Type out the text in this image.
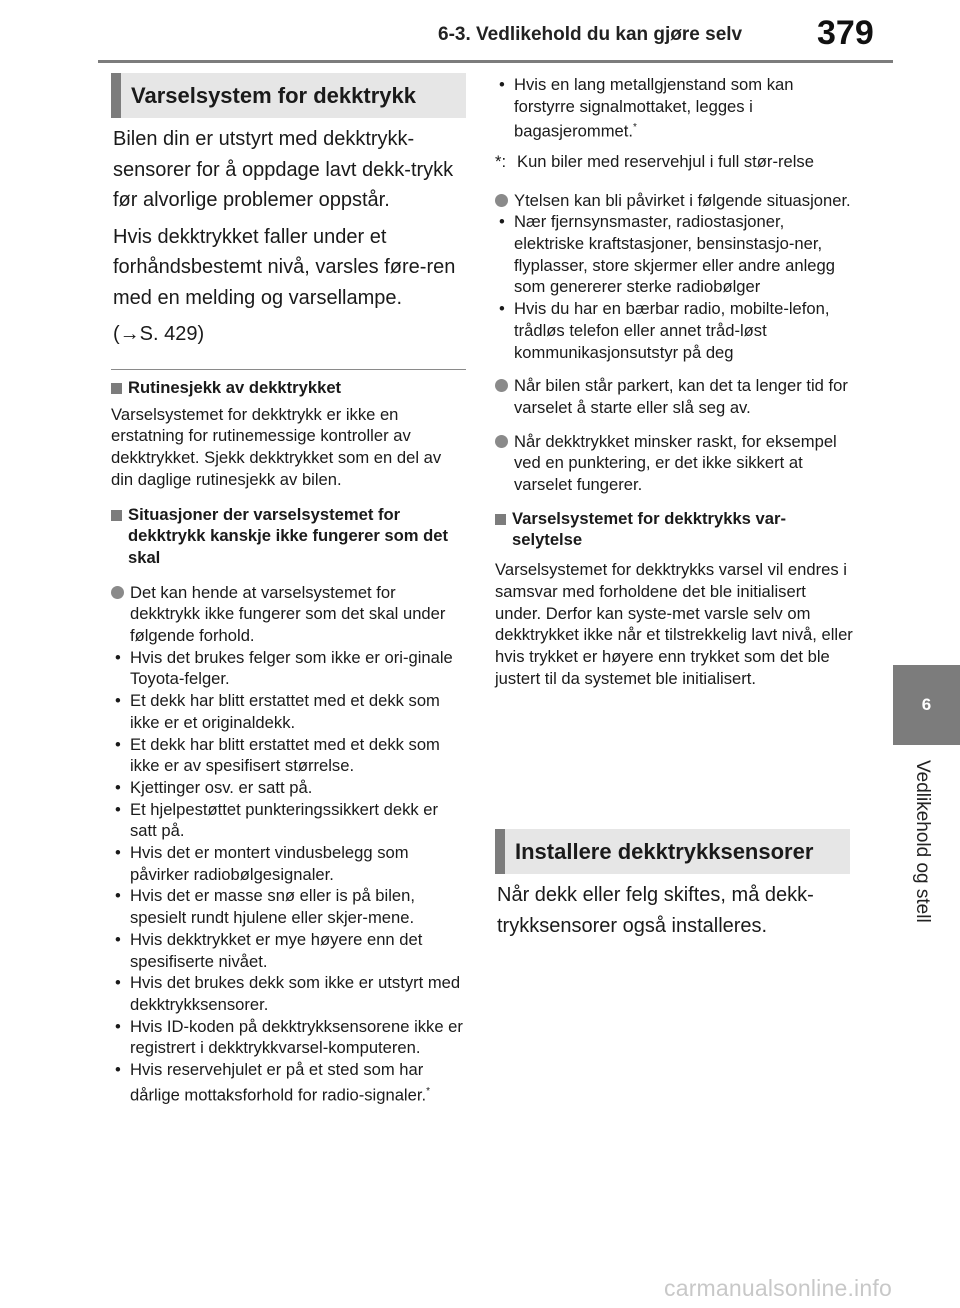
6-3. Vedlikehold du kan gjøre selv 379
6
Vedlikehold og stell
Varselsystem for dekktrykk

Bilen din er utstyrt med dekktrykk-sensorer for å oppdage lavt dekk-trykk før alvorlige problemer oppstår.

Hvis dekktrykket faller under et forhåndsbestemt nivå, varsles føre-ren med en melding og varsellampe.

(→S. 429)

Rutinesjekk av dekktrykket

Varselsystemet for dekktrykk er ikke en erstatning for rutinemessige kontroller av dekktrykket. Sjekk dekktrykket som en del av din daglige rutinesjekk av bilen.

Situasjoner der varselsystemet for dekktrykk kanskje ikke fungerer som det skal

Det kan hende at varselsystemet for dekktrykk ikke fungerer som det skal under følgende forhold.

• Hvis det brukes felger som ikke er ori-ginale Toyota-felger.
• Et dekk har blitt erstattet med et dekk som ikke er et originaldekk.
• Et dekk har blitt erstattet med et dekk som ikke er av spesifisert størrelse.
• Kjettinger osv. er satt på.
• Et hjelpestøttet punkteringssikkert dekk er satt på.
• Hvis det er montert vindusbelegg som påvirker radiobølgesignaler.
• Hvis det er masse snø eller is på bilen, spesielt rundt hjulene eller skjer-mene.
• Hvis dekktrykket er mye høyere enn det spesifiserte nivået.
• Hvis det brukes dekk som ikke er utstyrt med dekktrykksensorer.
• Hvis ID-koden på dekktrykksensorene ikke er registrert i dekktrykkvarsel-komputeren.
• Hvis reservehjulet er på et sted som har dårlige mottaksforhold for radio-signaler.*
• Hvis en lang metallgjenstand som kan forstyrre signalmottaket, legges i bagasjerommet.*

*: Kun biler med reservehjul i full stør-relse

Ytelsen kan bli påvirket i følgende situasjoner.

• Nær fjernsynsmaster, radiostasjoner, elektriske kraftstasjoner, bensinstasjo-ner, flyplasser, store skjermer eller andre anlegg som genererer sterke radiobølger
• Hvis du har en bærbar radio, mobilte-lefon, trådløs telefon eller annet tråd-løst kommunikasjonsutstyr på deg

Når bilen står parkert, kan det ta lenger tid for varselet å starte eller slå seg av.

Når dekktrykket minsker raskt, for eksempel ved en punktering, er det ikke sikkert at varselet fungerer.

Varselsystemet for dekktrykks var-selytelse

Varselsystemet for dekktrykks varsel vil endres i samsvar med forholdene det ble initialisert under. Derfor kan syste-met varsle selv om dekktrykket ikke når et tilstrekkelig lavt nivå, eller hvis trykket er høyere enn trykket som det ble justert til da systemet ble initialisert.

Installere dekktrykksensorer

Når dekk eller felg skiftes, må dekk-trykksensorer også installeres.

carmanualsonline.info
